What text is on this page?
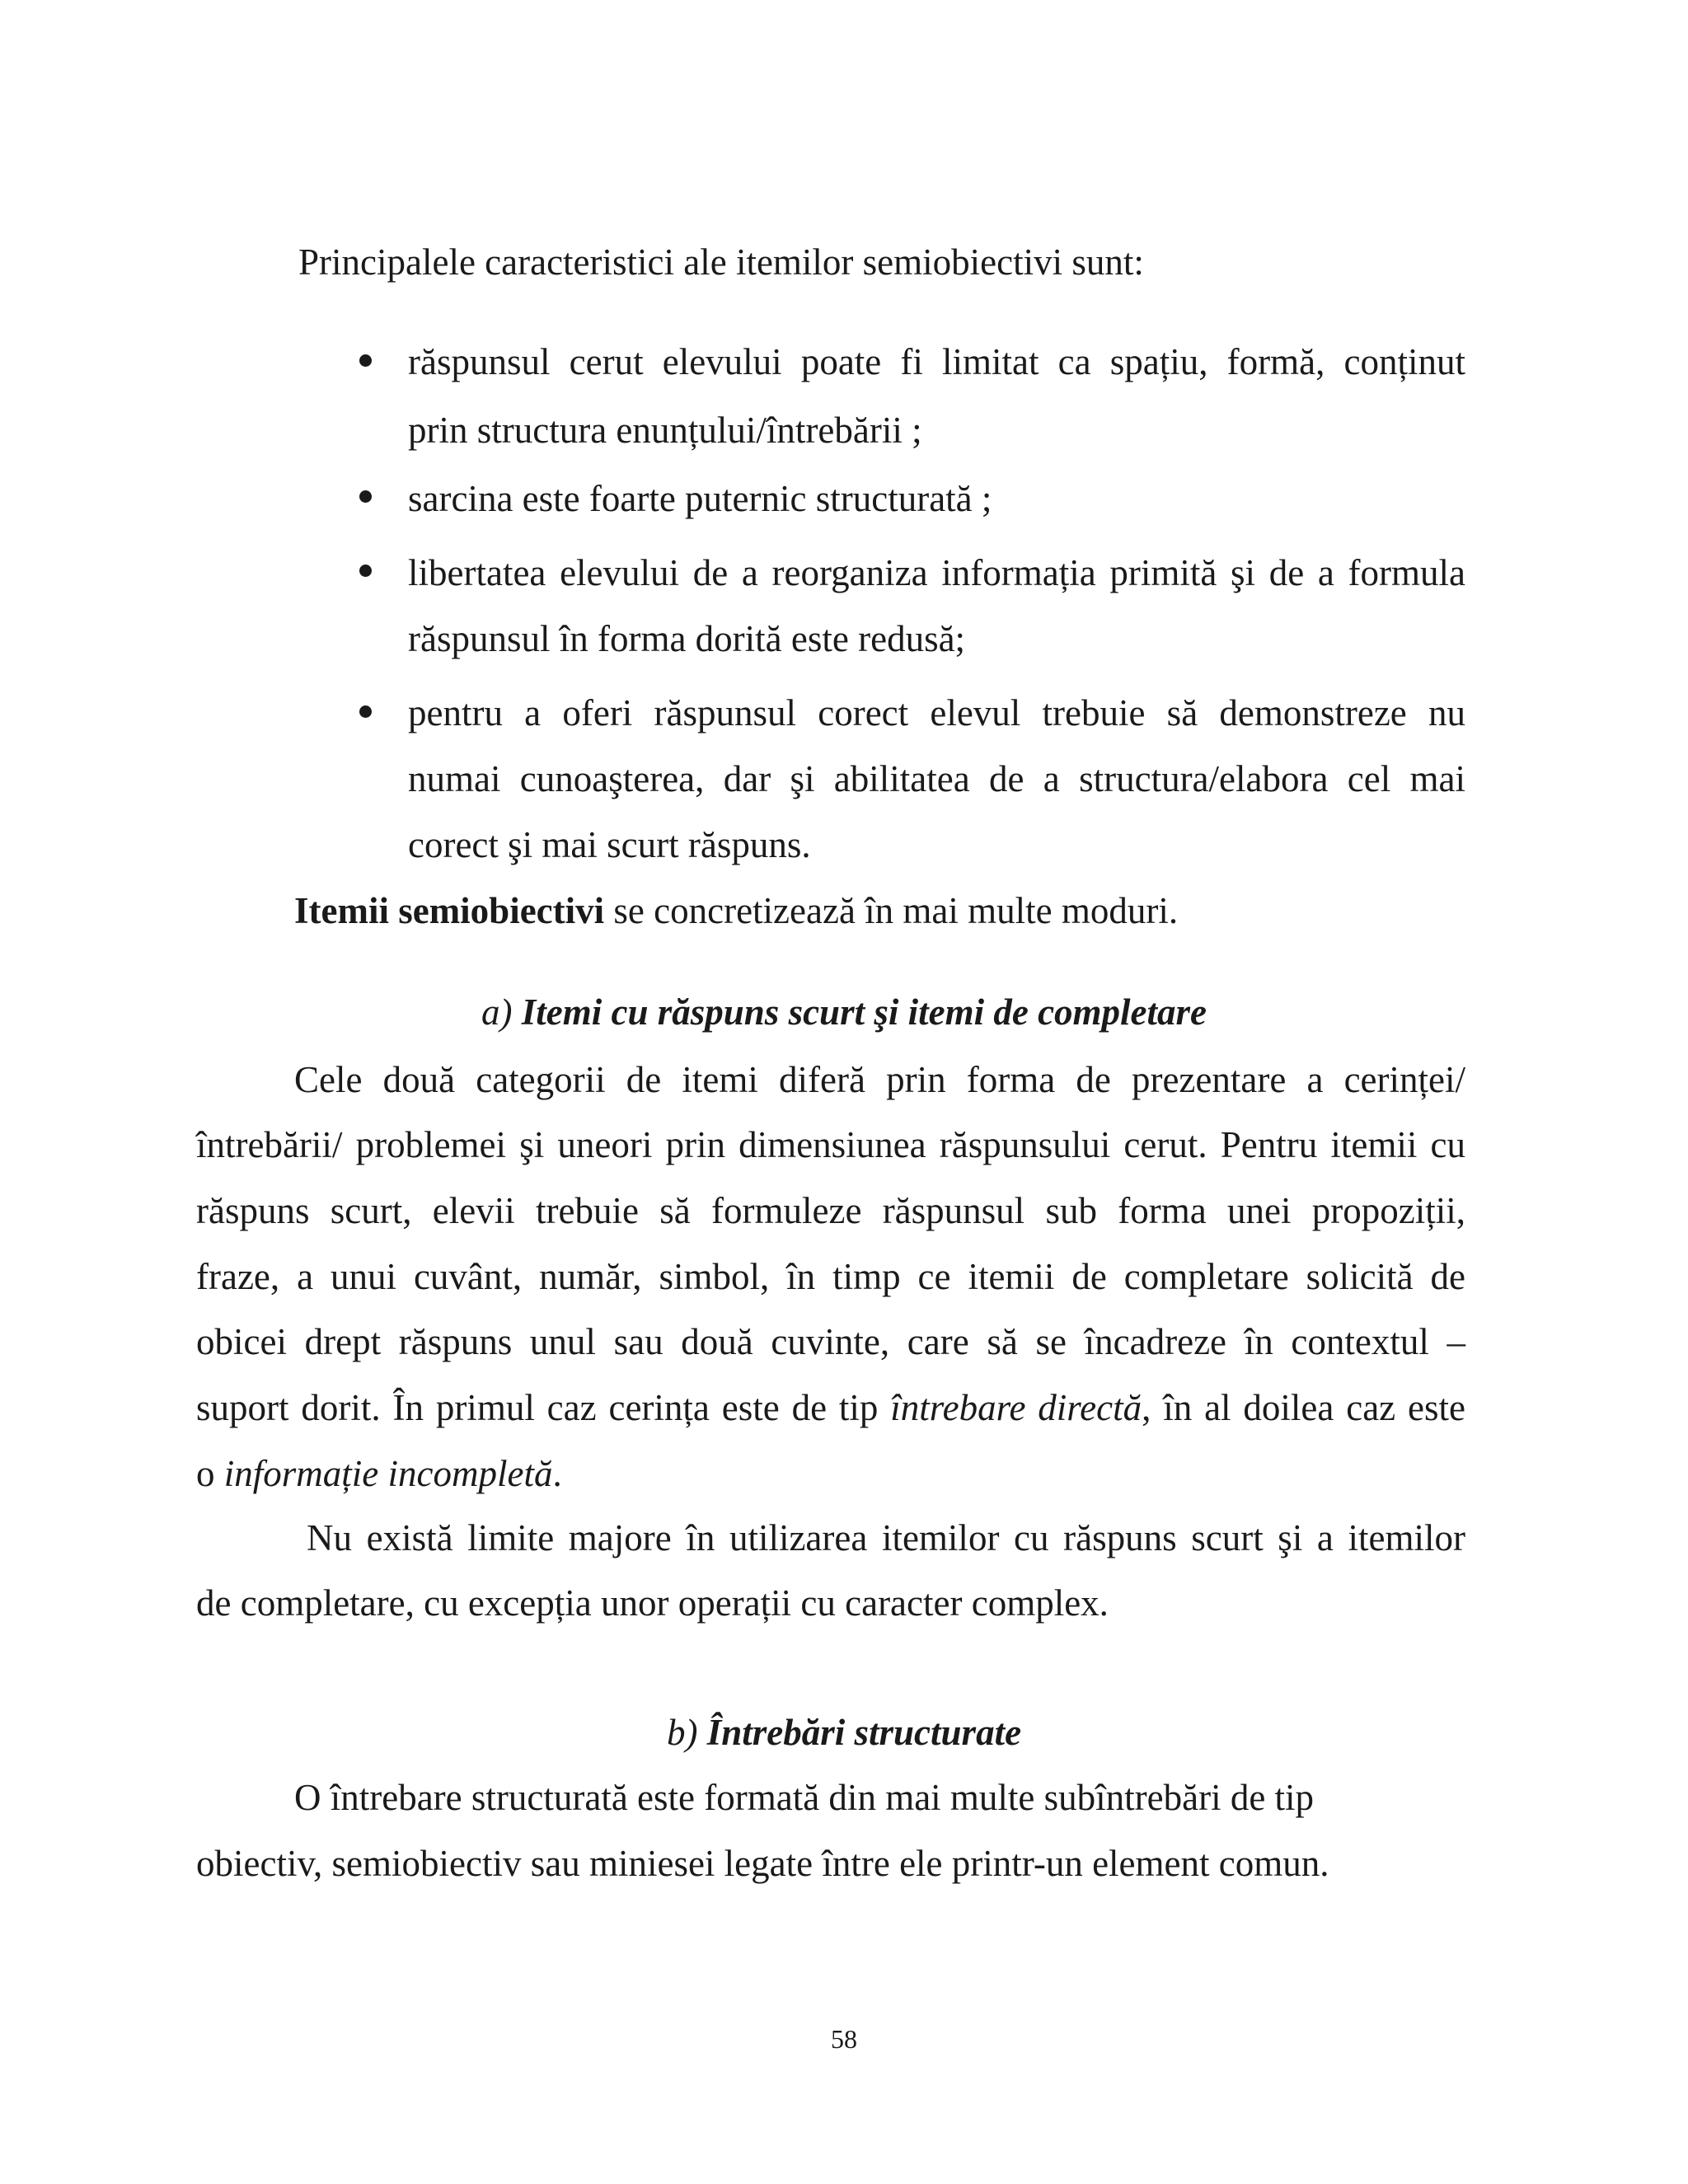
Principalele caracteristici ale itemilor semiobiectivi sunt:
răspunsul cerut elevului poate fi limitat ca spațiu, formă, conținut
prin structura enunțului/întrebării ;
sarcina este foarte puternic structurată ;
libertatea elevului de a reorganiza informația primită şi de a formula
răspunsul în forma dorită este redusă;
pentru a oferi răspunsul corect elevul trebuie să demonstreze nu
numai cunoaşterea, dar şi abilitatea de a structura/elabora cel mai
corect şi mai scurt răspuns.
Itemii semiobiectivi se concretizează în mai multe moduri.
a) Itemi cu răspuns scurt şi itemi de completare
Cele două categorii de itemi diferă prin forma de prezentare a cerinței/
întrebării/ problemei şi uneori prin dimensiunea răspunsului cerut. Pentru itemii cu
răspuns scurt, elevii trebuie să formuleze răspunsul sub forma unei propoziții,
fraze, a unui cuvânt, număr, simbol, în timp ce itemii de completare solicită de
obicei drept răspuns unul sau două cuvinte, care să se încadreze în contextul –
suport dorit. În primul caz cerința este de tip întrebare directă, în al doilea caz este
o informație incompletă.
Nu există limite majore în utilizarea itemilor cu răspuns scurt şi a itemilor
de completare, cu excepția unor operații cu caracter complex.
b) Întrebări structurate
O întrebare structurată este formată din mai multe subîntrebări de tip
obiectiv, semiobiectiv sau miniesei legate între ele printr-un element comun.
58
